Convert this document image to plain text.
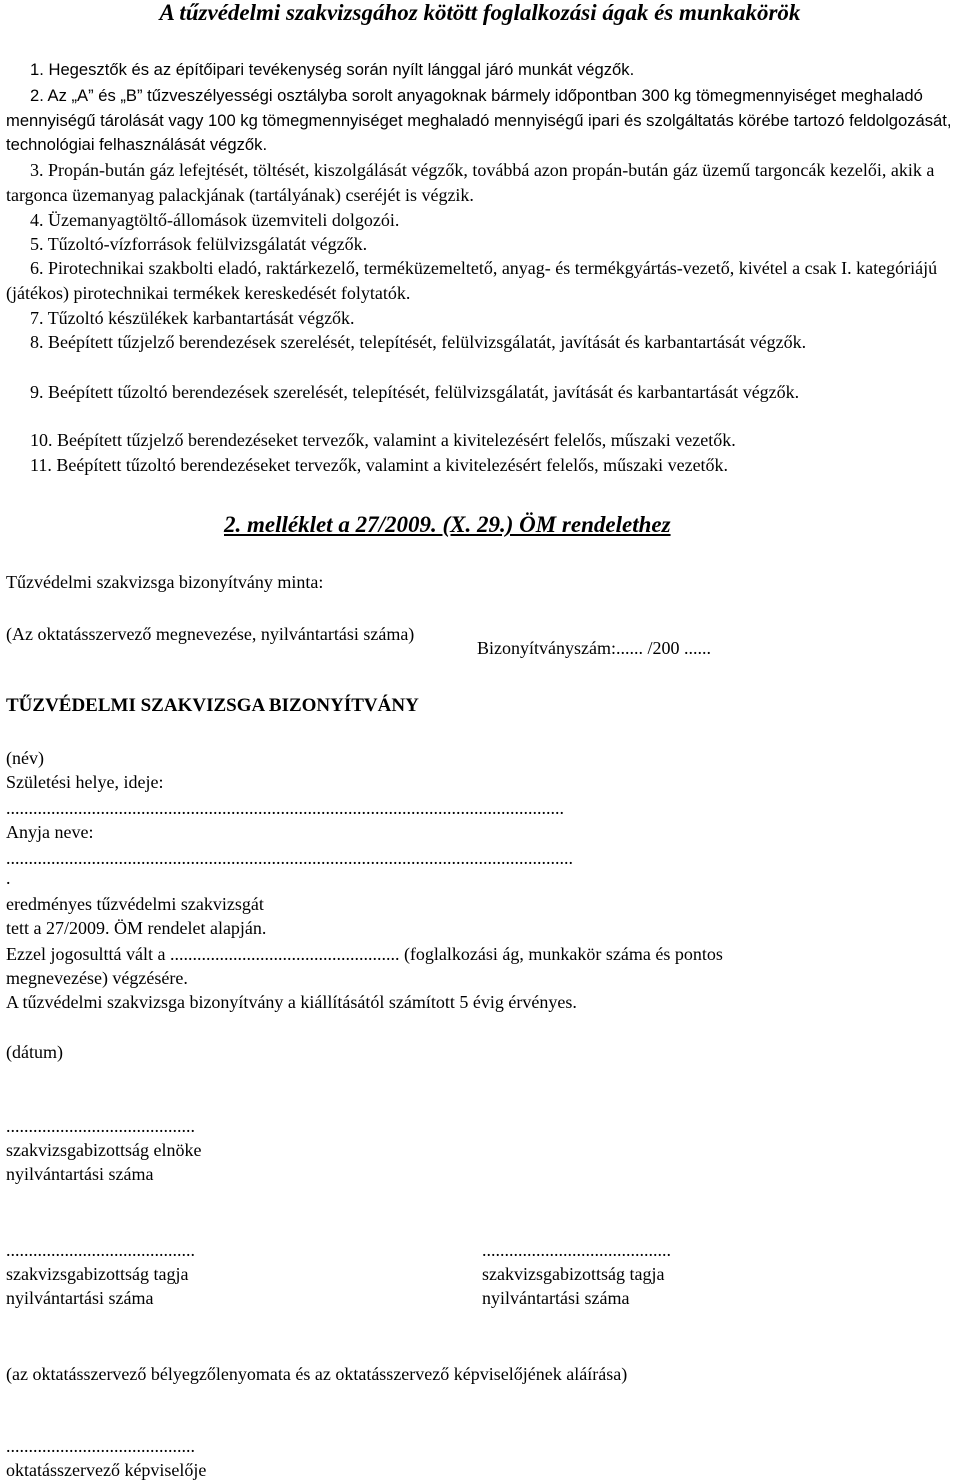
A tűzvédelmi szakvizsgához kötött foglalkozási ágak és munkakörök
1. Hegesztők és az építőipari tevékenység során nyílt lánggal járó munkát végzők.
2. Az „A” és „B” tűzveszélyességi osztályba sorolt anyagoknak bármely időpontban 300 kg tömegmennyiséget meghaladó mennyiségű tárolását vagy 100 kg tömegmennyiséget meghaladó mennyiségű ipari és szolgáltatás körébe tartozó feldolgozását, technológiai felhasználását végzők.
3. Propán-bután gáz lefejtését, töltését, kiszolgálását végzők, továbbá azon propán-bután gáz üzemű targoncák kezelői, akik a targonca üzemanyag palackjának (tartályának) cseréjét is végzik.
4. Üzemanyagtöltő-állomások üzemviteli dolgozói.
5. Tűzoltó-vízforrások felülvizsgálatát végzők.
6. Pirotechnikai szakbolti eladó, raktárkezelő, terméküzemeltető, anyag- és termékgyártás-vezető, kivétel a csak I. kategóriájú (játékos) pirotechnikai termékek kereskedését folytatók.
7. Tűzoltó készülékek karbantartását végzők.
8. Beépített tűzjelző berendezések szerelését, telepítését, felülvizsgálatát, javítását és karbantartását végzők.
9. Beépített tűzoltó berendezések szerelését, telepítését, felülvizsgálatát, javítását és karbantartását végzők.
10. Beépített tűzjelző berendezéseket tervezők, valamint a kivitelezésért felelős, műszaki vezetők.
11. Beépített tűzoltó berendezéseket tervezők, valamint a kivitelezésért felelős, műszaki vezetők.
2. melléklet a 27/2009. (X. 29.) ÖM rendelethez
Tűzvédelmi szakvizsga bizonyítvány minta:
(Az oktatásszervező megnevezése, nyilvántartási száma)
Bizonyítványszám:...... /200 ......
TŰZVÉDELMI SZAKVIZSGA BIZONYÍTVÁNY
(név)
Születési helye, ideje:
............................................................................................................................
Anyja neve:
..............................................................................................................................
.
eredményes tűzvédelmi szakvizsgát
tett a 27/2009. ÖM rendelet alapján.
Ezzel jogosulttá vált a ................................................... (foglalkozási ág, munkakör száma és pontos
megnevezése) végzésére.
A tűzvédelmi szakvizsga bizonyítvány a kiállításától számított 5 évig érvényes.
(dátum)
..........................................
szakvizsgabizottság elnöke
nyilvántartási száma
..........................................
szakvizsgabizottság tagja
nyilvántartási száma
..........................................
szakvizsgabizottság tagja
nyilvántartási száma
(az oktatásszervező bélyegzőlenyomata és az oktatásszervező képviselőjének aláírása)
..........................................
oktatásszervező képviselője
